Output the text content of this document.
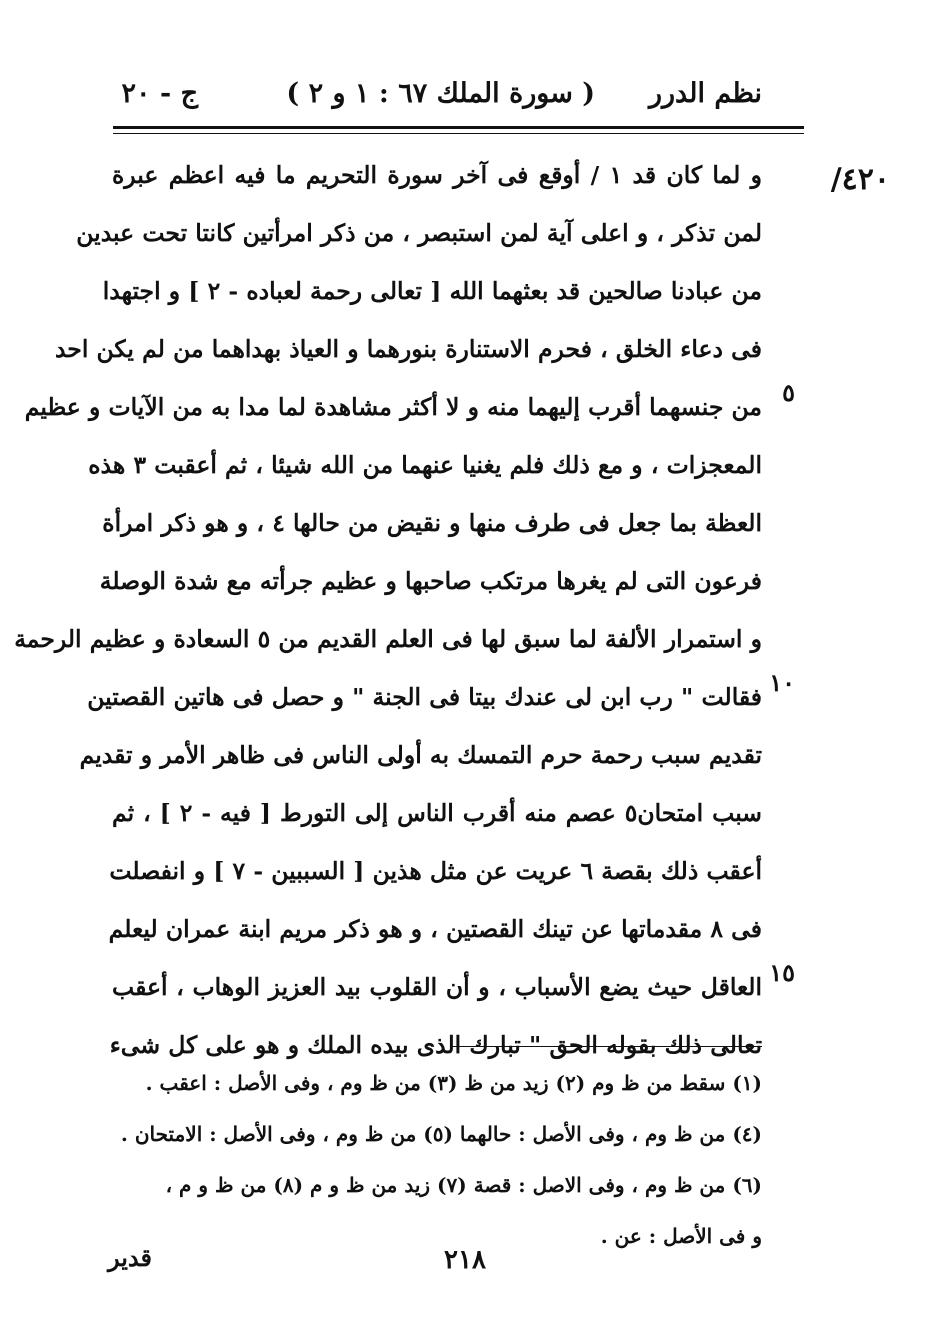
نظم الدرر
( سورة الملك ٦٧ : ١ و ٢ )
ج - ٢٠
/٤٢٠
و لما كان قد ١ / أوقع فى آخر سورة التحريم ما فيه اعظم عبرة
لمن تذكر ، و اعلى آية لمن استبصر ، من ذكر امرأتين كانتا تحت عبدين
من عبادنا صالحين قد بعثهما الله [ تعالى رحمة لعباده - ٢ ] و اجتهدا
فى دعاء الخلق ، فحرم الاستنارة بنورهما و العياذ بهداهما من لم يكن احد
من جنسهما أقرب إليهما منه و لا أكثر مشاهدة لما مدا به من الآيات و عظيم
المعجزات ، و مع ذلك فلم يغنيا عنهما من الله شيئا ، ثم أعقبت ٣ هذه
العظة بما جعل فى طرف منها و نقيض من حالها ٤ ، و هو ذكر امرأة
فرعون التى لم يغرها مرتكب صاحبها و عظيم جرأته مع شدة الوصلة
و استمرار الألفة لما سبق لها فى العلم القديم من ٥ السعادة و عظيم الرحمة
فقالت " رب ابن لى عندك بيتا فى الجنة " و حصل فى هاتين القصتين
تقديم سبب رحمة حرم التمسك به أولى الناس فى ظاهر الأمر و تقديم
سبب امتحان٥ عصم منه أقرب الناس إلى التورط [ فيه - ٢ ] ، ثم
أعقب ذلك بقصة ٦ عريت عن مثل هذين [ السببين - ٧ ] و انفصلت
فى ٨ مقدماتها عن تينك القصتين ، و هو ذكر مريم ابنة عمران ليعلم
العاقل حيث يضع الأسباب ، و أن القلوب بيد العزيز الوهاب ، أعقب
تعالى ذلك بقوله الحق " تبارك الذى بيده الملك و هو على كل شىء
٥
١٠
١٥
(١) سقط من ظ وم (٢) زيد من ظ (٣) من ظ وم ، وفى الأصل : اعقب .
(٤) من ظ وم ، وفى الأصل : حالهما (٥) من ظ وم ، وفى الأصل : الامتحان .
(٦) من ظ وم ، وفى الاصل : قصة (٧) زيد من ظ و م (٨) من ظ و م ،
و فى الأصل : عن .
٢١٨
قدير
